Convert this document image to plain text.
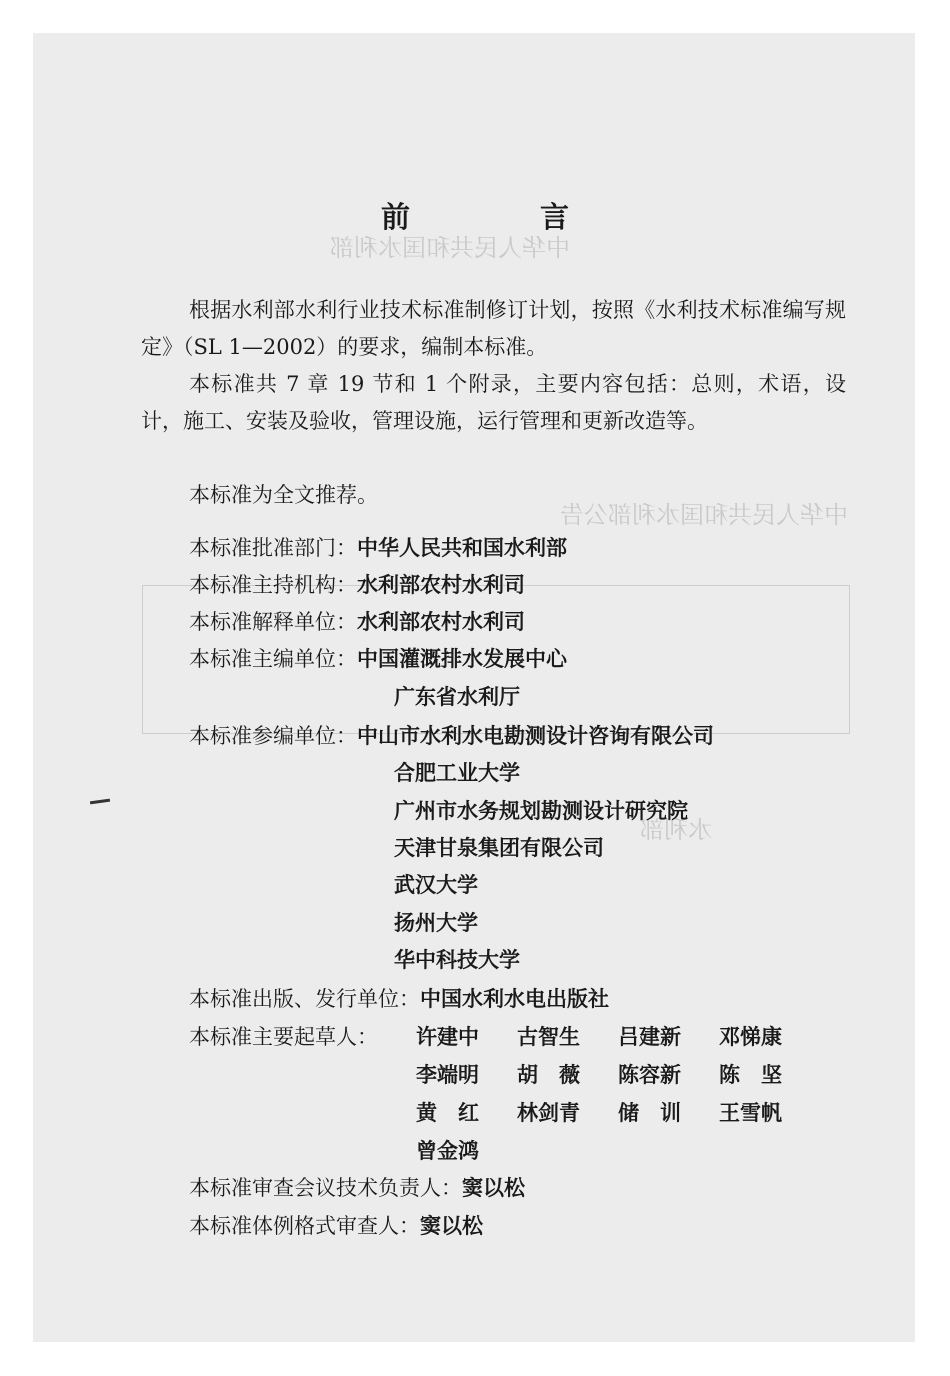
中华人民共和国水利部
中华人民共和国水利部公告
水利部
前 言

根据水利部水利行业技术标准制修订计划，按照《水利技术标准编写规定》（SL 1—2002）的要求，编制本标准。

本标准共 7 章 19 节和 1 个附录，主要内容包括：总则，术语，设计，施工、安装及验收，管理设施，运行管理和更新改造等。

本标准为全文推荐。

本标准批准部门：中华人民共和国水利部
本标准主持机构：水利部农村水利司
本标准解释单位：水利部农村水利司
本标准主编单位：中国灌溉排水发展中心
广东省水利厅
本标准参编单位：中山市水利水电勘测设计咨询有限公司
合肥工业大学
广州市水务规划勘测设计研究院
天津甘泉集团有限公司
武汉大学
扬州大学
华中科技大学
本标准出版、发行单位：中国水利水电出版社
本标准主要起草人： 许建中 古智生 吕建新 邓悌康
李端明 胡　薇 陈容新 陈　坚
黄　红 林剑青 储　训 王雪帆
曾金鸿
本标准审查会议技术负责人：窦以松
本标准体例格式审查人：窦以松
